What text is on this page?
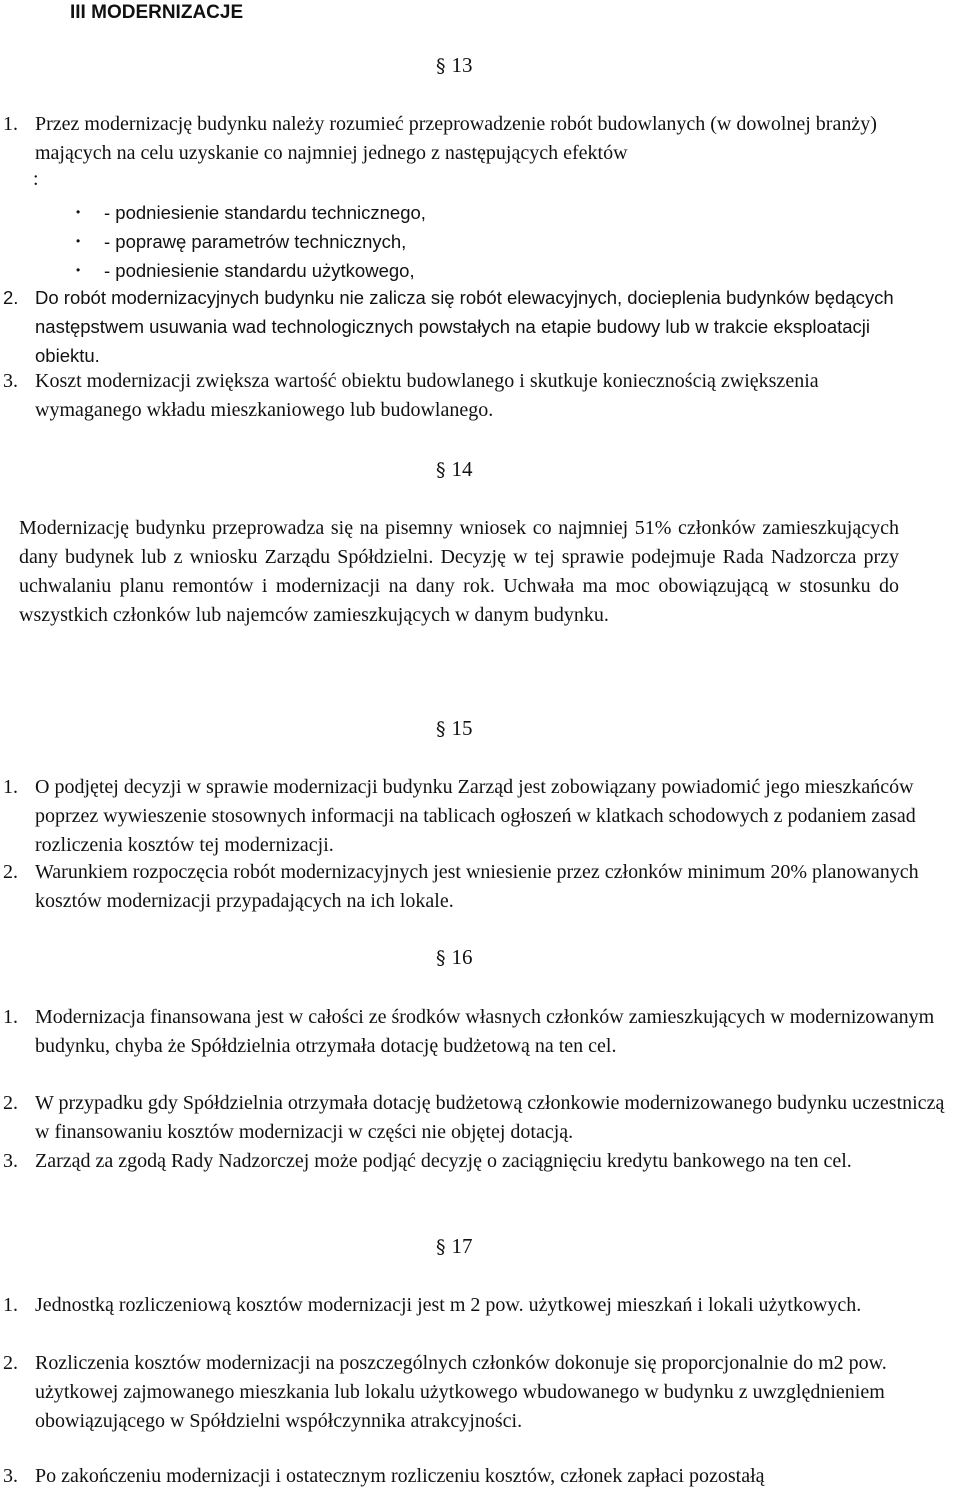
III MODERNIZACJE
§ 13
1. Przez modernizację budynku należy rozumieć przeprowadzenie robót budowlanych (w dowolnej branży) mających na celu uzyskanie co najmniej jednego z następujących efektów
:
• - podniesienie standardu technicznego,
• - poprawę parametrów technicznych,
• - podniesienie standardu użytkowego,
2. Do robót modernizacyjnych budynku nie zalicza się robót elewacyjnych, docieplenia budynków będących następstwem usuwania wad technologicznych powstałych na etapie budowy lub w trakcie eksploatacji obiektu.
3. Koszt modernizacji zwiększa wartość obiektu budowlanego i skutkuje koniecznością zwiększenia wymaganego wkładu mieszkaniowego lub budowlanego.
§ 14
Modernizację budynku przeprowadza się na pisemny wniosek co najmniej 51% członków zamieszkujących dany budynek lub z wniosku Zarządu Spółdzielni. Decyzję w tej sprawie podejmuje Rada Nadzorcza przy uchwalaniu planu remontów i modernizacji na dany rok. Uchwała ma moc obowiązującą w stosunku do wszystkich członków lub najemców zamieszkujących w danym budynku.
§ 15
1. O podjętej decyzji w sprawie modernizacji budynku Zarząd jest zobowiązany powiadomić jego mieszkańców poprzez wywieszenie stosownych informacji na tablicach ogłoszeń w klatkach schodowych z podaniem zasad rozliczenia kosztów tej modernizacji.
2. Warunkiem rozpoczęcia robót modernizacyjnych jest wniesienie przez członków minimum 20% planowanych kosztów modernizacji przypadających na ich lokale.
§ 16
1. Modernizacja finansowana jest w całości ze środków własnych członków zamieszkujących w modernizowanym budynku, chyba że Spółdzielnia otrzymała dotację budżetową na ten cel.
2. W przypadku gdy Spółdzielnia otrzymała dotację budżetową członkowie modernizowanego budynku uczestniczą w finansowaniu kosztów modernizacji w części nie objętej dotacją.
3. Zarząd za zgodą Rady Nadzorczej może podjąć decyzję o zaciągnięciu kredytu bankowego na ten cel.
§ 17
1. Jednostką rozliczeniową kosztów modernizacji jest m 2 pow. użytkowej mieszkań i lokali użytkowych.
2. Rozliczenia kosztów modernizacji na poszczególnych członków dokonuje się proporcjonalnie do m2 pow. użytkowej zajmowanego mieszkania lub lokalu użytkowego wbudowanego w budynku z uwzględnieniem obowiązującego w Spółdzielni współczynnika atrakcyjności.
3. Po zakończeniu modernizacji i ostatecznym rozliczeniu kosztów, członek zapłaci pozostałą
